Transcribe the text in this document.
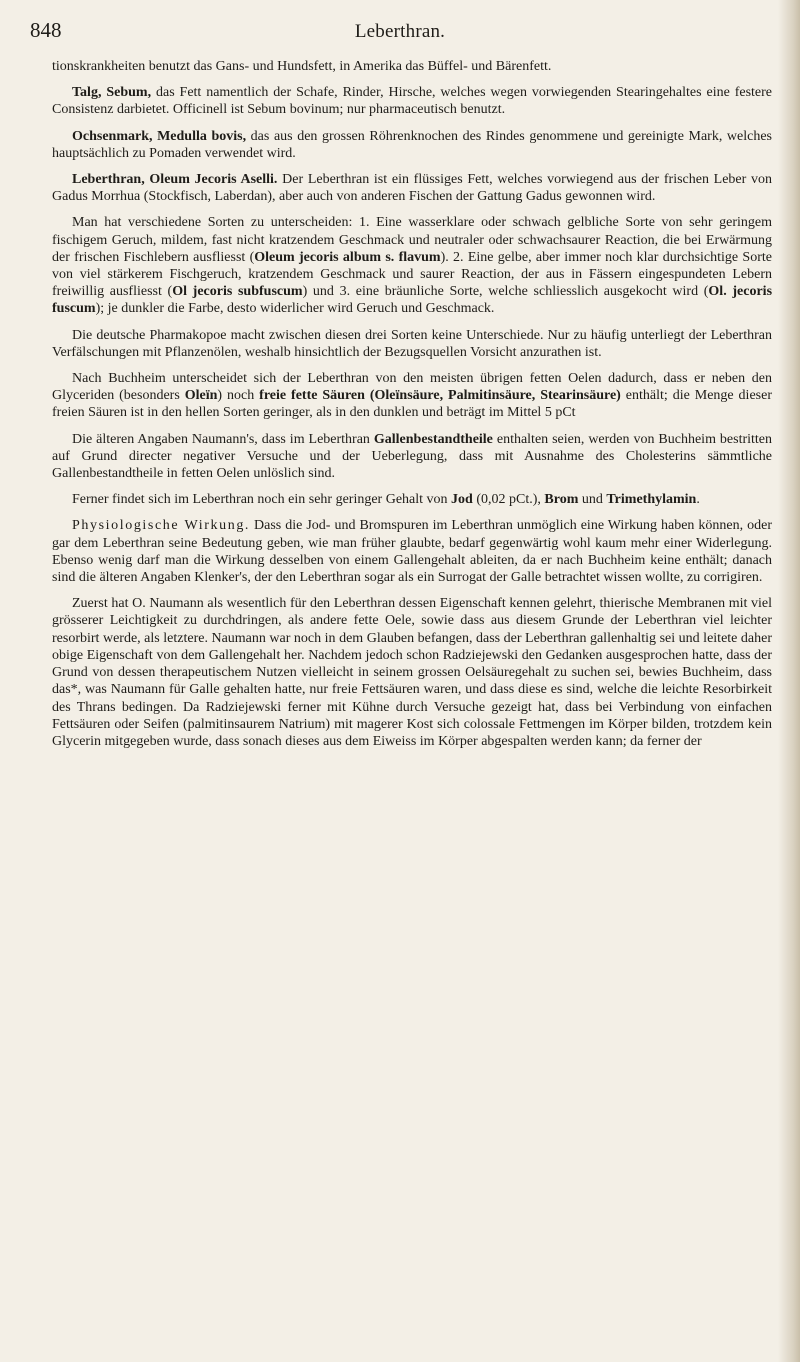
848	Leberthran.

tionskrankheiten benutzt das Gans- und Hundsfett, in Amerika das Büffel- und Bärenfett.

Talg, Sebum, das Fett namentlich der Schafe, Rinder, Hirsche, welches wegen vorwiegenden Stearingehaltes eine festere Consistenz darbietet. Officinell ist Sebum bovinum; nur pharmaceutisch benutzt.

Ochsenmark, Medulla bovis, das aus den grossen Röhrenknochen des Rindes genommene und gereinigte Mark, welches hauptsächlich zu Pomaden verwendet wird.

Leberthran, Oleum Jecoris Aselli. Der Leberthran ist ein flüssiges Fett, welches vorwiegend aus der frischen Leber von Gadus Morrhua (Stockfisch, Laberdan), aber auch von anderen Fischen der Gattung Gadus gewonnen wird.

Man hat verschiedene Sorten zu unterscheiden: 1. Eine wasserklare oder schwach gelbliche Sorte von sehr geringem fischigem Geruch, mildem, fast nicht kratzendem Geschmack und neutraler oder schwachsaurer Reaction, die bei Erwärmung der frischen Fischlebern ausfliesst (Oleum jecoris album s. flavum). 2. Eine gelbe, aber immer noch klar durchsichtige Sorte von viel stärkerem Fischgeruch, kratzendem Geschmack und saurer Reaction, der aus in Fässern eingespundeten Lebern freiwillig ausfliesst (Ol jecoris subfuscum) und 3. eine bräunliche Sorte, welche schliesslich ausgekocht wird (Ol. jecoris fuscum); je dunkler die Farbe, desto widerlicher wird Geruch und Geschmack.

Die deutsche Pharmakopoe macht zwischen diesen drei Sorten keine Unterschiede. Nur zu häufig unterliegt der Leberthran Verfälschungen mit Pflanzenölen, weshalb hinsichtlich der Bezugsquellen Vorsicht anzurathen ist.

Nach Buchheim unterscheidet sich der Leberthran von den meisten übrigen fetten Oelen dadurch, dass er neben den Glyceriden (besonders Oleïn) noch freie fette Säuren (Oleïnsäure, Palmitinsäure, Stearinsäure) enthält; die Menge dieser freien Säuren ist in den hellen Sorten geringer, als in den dunklen und beträgt im Mittel 5 pCt

Die älteren Angaben Naumann's, dass im Leberthran Gallenbestandtheile enthalten seien, werden von Buchheim bestritten auf Grund directer negativer Versuche und der Ueberlegung, dass mit Ausnahme des Cholesterins sämmtliche Gallenbestandtheile in fetten Oelen unlöslich sind.

Ferner findet sich im Leberthran noch ein sehr geringer Gehalt von Jod (0,02 pCt.), Brom und Trimethylamin.

Physiologische Wirkung. Dass die Jod- und Bromspuren im Leberthran unmöglich eine Wirkung haben können, oder gar dem Leberthran seine Bedeutung geben, wie man früher glaubte, bedarf gegenwärtig wohl kaum mehr einer Widerlegung. Ebenso wenig darf man die Wirkung desselben von einem Gallengehalt ableiten, da er nach Buchheim keine enthält; danach sind die älteren Angaben Klenker's, der den Leberthran sogar als ein Surrogat der Galle betrachtet wissen wollte, zu corrigiren.

Zuerst hat O. Naumann als wesentlich für den Leberthran dessen Eigenschaft kennen gelehrt, thierische Membranen mit viel grösserer Leichtigkeit zu durchdringen, als andere fette Oele, sowie dass aus diesem Grunde der Leberthran viel leichter resorbirt werde, als letztere. Naumann war noch in dem Glauben befangen, dass der Leberthran gallenhaltig sei und leitete daher obige Eigenschaft von dem Gallengehalt her. Nachdem jedoch schon Radziejewski den Gedanken ausgesprochen hatte, dass der Grund von dessen therapeutischem Nutzen vielleicht in seinem grossen Oelsäuregehalt zu suchen sei, bewies Buchheim, dass das*, was Naumann für Galle gehalten hatte, nur freie Fettsäuren waren, und dass diese es sind, welche die leichte Resorbirkeit des Thrans bedingen. Da Radziejewski ferner mit Kühne durch Versuche gezeigt hat, dass bei Verbindung von einfachen Fettsäuren oder Seifen (palmitinsaurem Natrium) mit magerer Kost sich colossale Fettmengen im Körper bilden, trotzdem kein Glycerin mitgegeben wurde, dass sonach dieses aus dem Eiweiss im Körper abgespalten werden kann; da ferner der
